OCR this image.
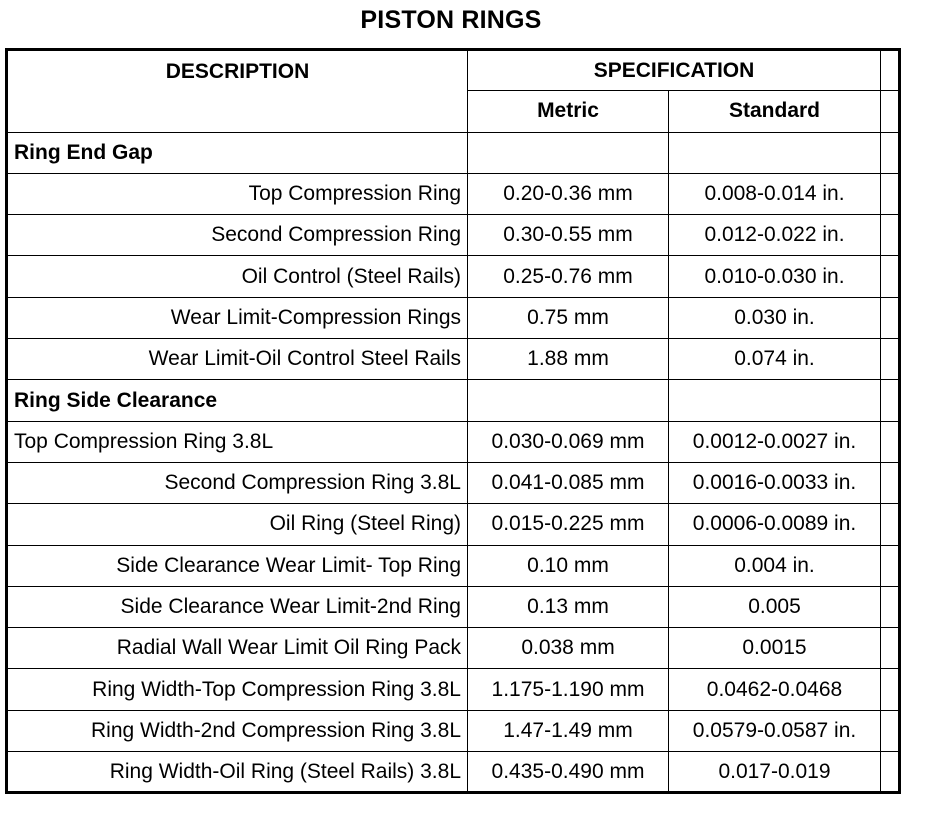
PISTON RINGS
DESCRIPTION	SPECIFICATION		
	Metric	Standard	
Ring End Gap			
Top Compression Ring	0.20-0.36 mm	0.008-0.014 in.	
Second Compression Ring	0.30-0.55 mm	0.012-0.022 in.	
Oil Control (Steel Rails)	0.25-0.76 mm	0.010-0.030 in.	
Wear Limit-Compression Rings	0.75 mm	0.030 in.	
Wear Limit-Oil Control Steel Rails	1.88 mm	0.074 in.	
Ring Side Clearance			
Top Compression Ring 3.8L	0.030-0.069 mm	0.0012-0.0027 in.	
Second Compression Ring 3.8L	0.041-0.085 mm	0.0016-0.0033 in.	
Oil Ring (Steel Ring)	0.015-0.225 mm	0.0006-0.0089 in.	
Side Clearance Wear Limit- Top Ring	0.10 mm	0.004 in.	
Side Clearance Wear Limit-2nd Ring	0.13 mm	0.005	
Radial Wall Wear Limit Oil Ring Pack	0.038 mm	0.0015	
Ring Width-Top Compression Ring 3.8L	1.175-1.190 mm	0.0462-0.0468	
Ring Width-2nd Compression Ring 3.8L	1.47-1.49 mm	0.0579-0.0587 in.	
Ring Width-Oil Ring (Steel Rails) 3.8L	0.435-0.490 mm	0.017-0.019	
